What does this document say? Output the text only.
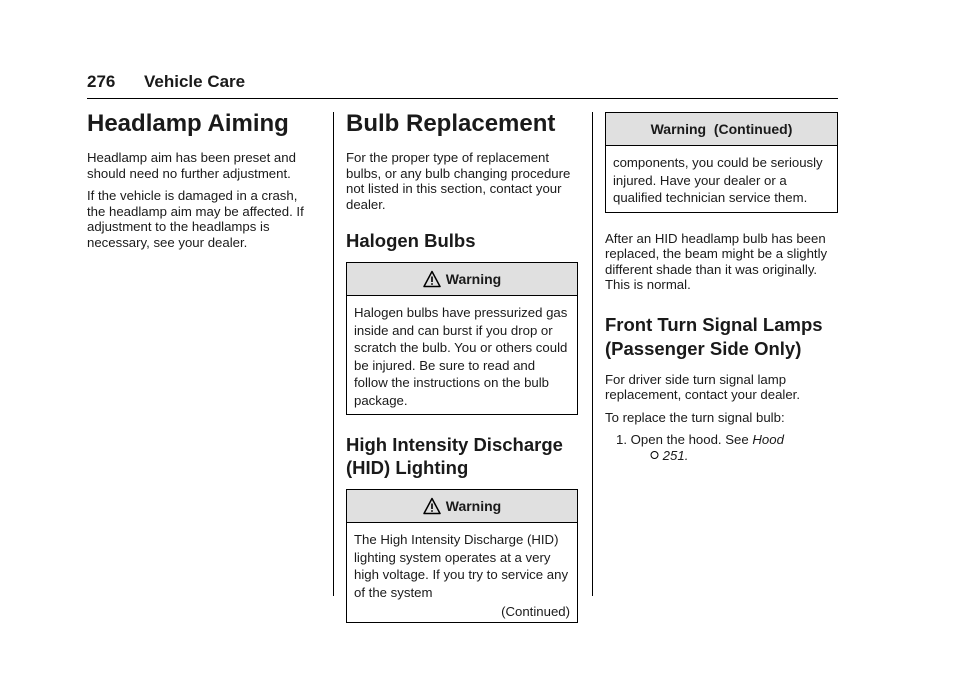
276 Vehicle Care
Headlamp Aiming

Headlamp aim has been preset and should need no further adjustment.

If the vehicle is damaged in a crash, the headlamp aim may be affected. If adjustment to the headlamps is necessary, see your dealer.

Bulb Replacement

For the proper type of replacement bulbs, or any bulb changing procedure not listed in this section, contact your dealer.

Halogen Bulbs
Warning
Halogen bulbs have pressurized gas inside and can burst if you drop or scratch the bulb. You or others could be injured. Be sure to read and follow the instructions on the bulb package.
High Intensity Discharge (HID) Lighting
Warning
The High Intensity Discharge (HID) lighting system operates at a very high voltage. If you try to service any of the system
(Continued)
Warning  (Continued)
components, you could be seriously injured. Have your dealer or a qualified technician service them.

After an HID headlamp bulb has been replaced, the beam might be a slightly different shade than it was originally. This is normal.

Front Turn Signal Lamps (Passenger Side Only)

For driver side turn signal lamp replacement, contact your dealer.

To replace the turn signal bulb:

1. Open the hood. See Hood
251.
